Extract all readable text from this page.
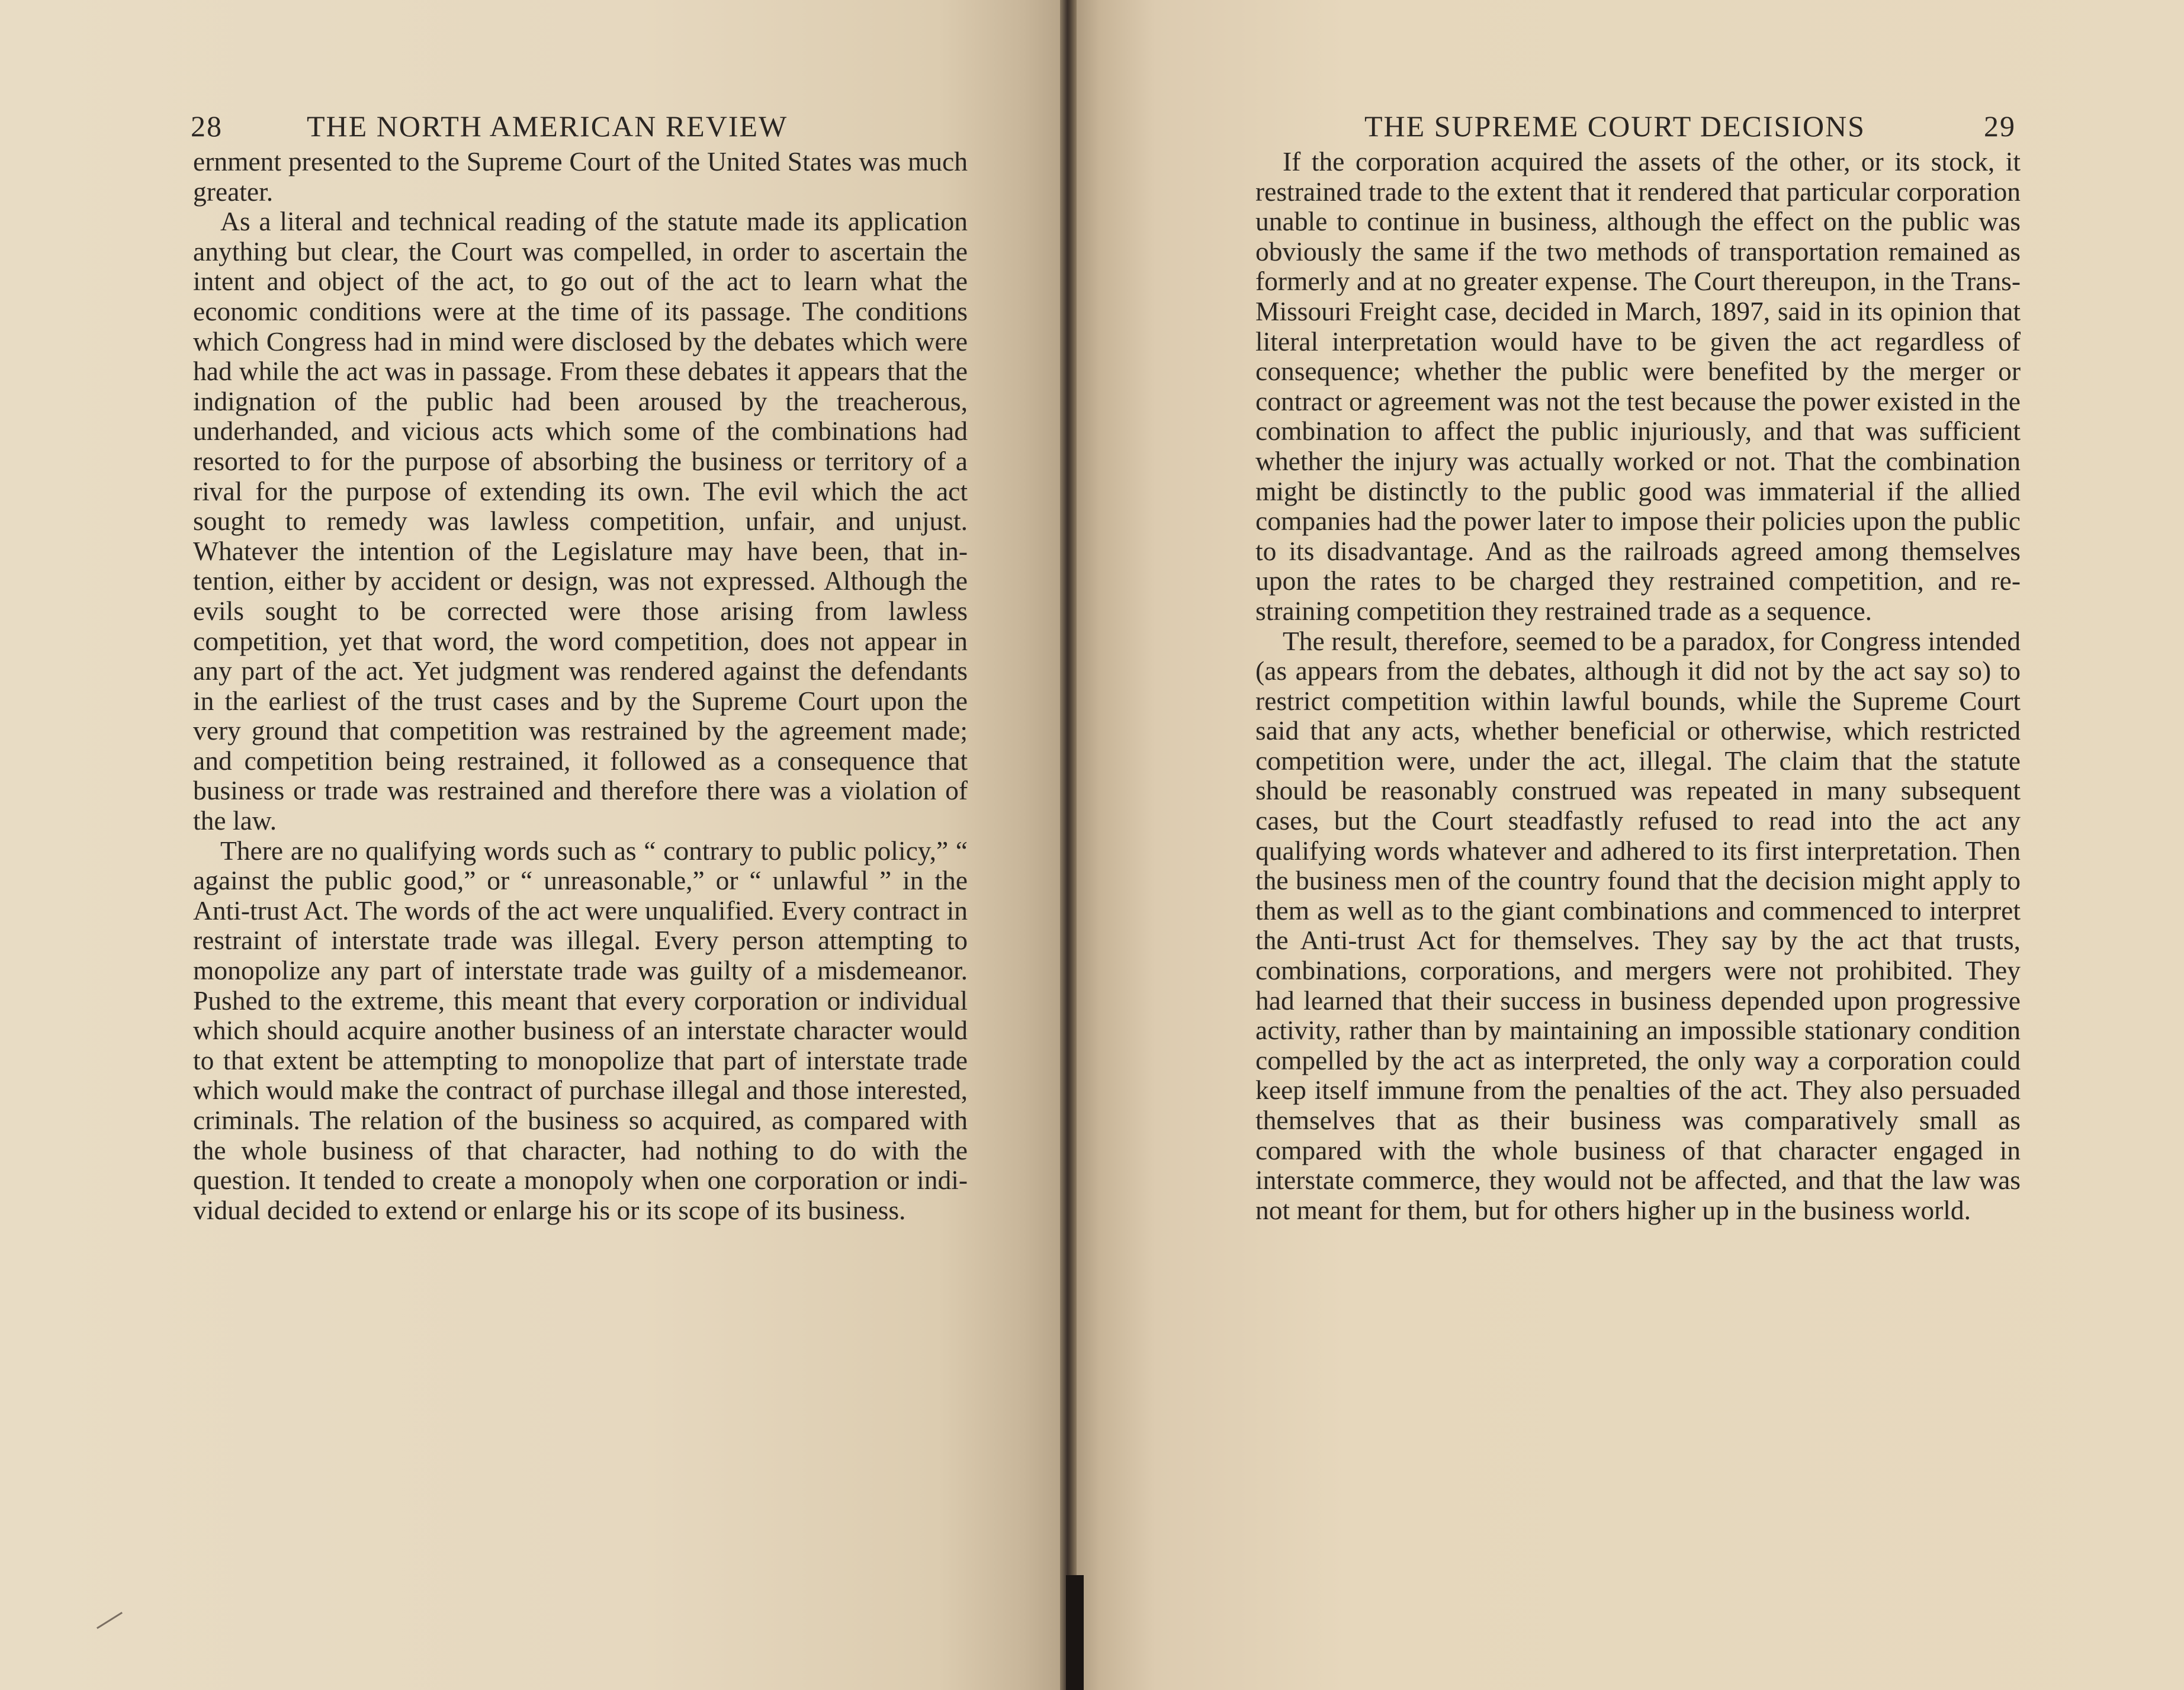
28	THE NORTH AMERICAN REVIEW

ernment presented to the Supreme Court of the United States was much greater.

As a literal and technical reading of the statute made its application anything but clear, the Court was compelled, in order to ascertain the intent and object of the act, to go out of the act to learn what the economic conditions were at the time of its passage. The conditions which Congress had in mind were disclosed by the debates which were had while the act was in passage. From these debates it appears that the indignation of the public had been aroused by the treacherous, underhanded, and vicious acts which some of the combinations had resorted to for the purpose of absorbing the business or territory of a rival for the purpose of extending its own. The evil which the act sought to remedy was lawless competition, unfair, and unjust. Whatever the intention of the Legislature may have been, that intention, either by accident or design, was not expressed. Although the evils sought to be corrected were those arising from lawless competition, yet that word, the word competition, does not appear in any part of the act. Yet judgment was rendered against the defendants in the earliest of the trust cases and by the Supreme Court upon the very ground that competition was restrained by the agreement made; and competition being restrained, it followed as a consequence that business or trade was restrained and therefore there was a violation of the law.

There are no qualifying words such as “ contrary to public policy,” “ against the public good,” or “ unreasonable,” or “ unlawful ” in the Anti-trust Act. The words of the act were unqualified. Every contract in restraint of interstate trade was illegal. Every person attempting to monopolize any part of interstate trade was guilty of a misdemeanor. Pushed to the extreme, this meant that every corporation or individual which should acquire another business of an interstate character would to that extent be attempting to monopolize that part of interstate trade which would make the contract of purchase illegal and those interested, criminals. The relation of the business so acquired, as compared with the whole business of that character, had nothing to do with the question. It tended to create a monopoly when one corporation or individual decided to extend or enlarge his or its scope of its business.

THE SUPREME COURT DECISIONS	29

If the corporation acquired the assets of the other, or its stock, it restrained trade to the extent that it rendered that particular corporation unable to continue in business, although the effect on the public was obviously the same if the two methods of transportation remained as formerly and at no greater expense. The Court thereupon, in the Trans-Missouri Freight case, decided in March, 1897, said in its opinion that literal interpretation would have to be given the act regardless of consequence; whether the public were benefited by the merger or contract or agreement was not the test because the power existed in the combination to affect the public injuriously, and that was sufficient whether the injury was actually worked or not. That the combination might be distinctly to the public good was immaterial if the allied companies had the power later to impose their policies upon the public to its disadvantage. And as the railroads agreed among themselves upon the rates to be charged they restrained competition, and restraining competition they restrained trade as a sequence.

The result, therefore, seemed to be a paradox, for Congress intended (as appears from the debates, although it did not by the act say so) to restrict competition within lawful bounds, while the Supreme Court said that any acts, whether beneficial or otherwise, which restricted competition were, under the act, illegal. The claim that the statute should be reasonably construed was repeated in many subsequent cases, but the Court steadfastly refused to read into the act any qualifying words whatever and adhered to its first interpretation. Then the business men of the country found that the decision might apply to them as well as to the giant combinations and commenced to interpret the Anti-trust Act for themselves. They say by the act that trusts, combinations, corporations, and mergers were not prohibited. They had learned that their success in business depended upon progressive activity, rather than by maintaining an impossible stationary condition compelled by the act as interpreted, the only way a corporation could keep itself immune from the penalties of the act. They also persuaded themselves that as their business was comparatively small as compared with the whole business of that character engaged in interstate commerce, they would not be affected, and that the law was not meant for them, but for others higher up in the business world.
